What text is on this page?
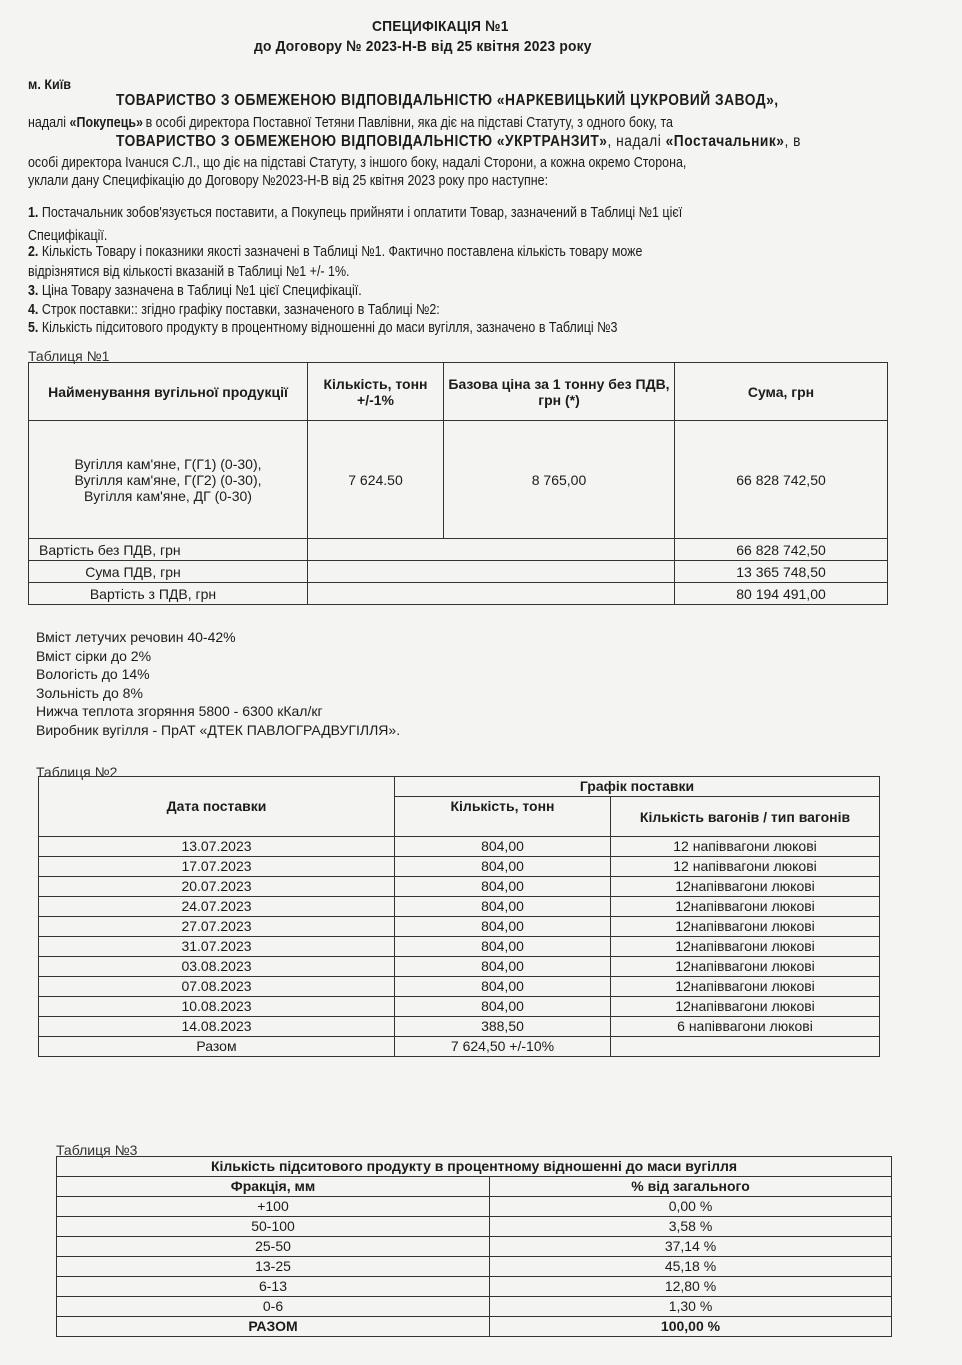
СПЕЦИФІКАЦІЯ №1
до Договору № 2023-Н-В від 25 квітня 2023 року
м. Київ
ТОВАРИСТВО З ОБМЕЖЕНОЮ ВІДПОВІДАЛЬНІСТЮ «НАРКЕВИЦЬКИЙ ЦУКРОВИЙ ЗАВОД»,
надалі «Покупець» в особі директора Поставної Тетяни Павлівни, яка діє на підставі Статуту, з одного боку, та
ТОВАРИСТВО З ОБМЕЖЕНОЮ ВІДПОВІДАЛЬНІСТЮ «УКРТРАНЗИТ», надалі «Постачальник», в
особі директора Ivанuся С.Л., що діє на підставі Статуту, з іншого боку, надалі Сторони, а кожна окремо Сторона,
уклали дану Специфікацію до Договору №2023-Н-В від 25 квітня 2023 року про наступне:
1. Постачальник зобов'язується поставити, а Покупець прийняти і оплатити Товар, зазначений в Таблиці №1 цієї
Специфікації.
2. Кількість Товару і показники якості зазначені в Таблиці №1. Фактично поставлена кількість товару може
відрізнятися від кількості вказаній в Таблиці №1 +/- 1%.
3. Ціна Товару зазначена в Таблиці №1 цієї Специфікації.
4. Строк поставки:: згідно графіку поставки, зазначеного в Таблиці №2:
5. Кількість підситового продукту в процентному відношенні до маси вугілля, зазначено в Таблиці №3
Таблиця №1
Найменування вугільної продукції	Кількість, тонн +/-1%	Базова ціна за 1 тонну без ПДВ, грн (*)	Сума, грн

Вугілля кам'яне, Г(Г1) (0-30),
Вугілля кам'яне, Г(Г2) (0-30),
Вугілля кам'яне, ДГ (0-30)	7 624.50	8 765,00	66 828 742,50
Вартість без ПДВ, грн			66 828 742,50
Сума ПДВ, грн			13 365 748,50
Вартість з ПДВ, грн			80 194 491,00
Вміст летучих речовин 40-42%
Вміст сірки до 2%
Вологість до 14%
Зольність до 8%
Нижча теплота згоряння 5800 - 6300 кКал/кг
Виробник вугілля - ПрАТ «ДТЕК ПАВЛОГРАДВУГІЛЛЯ».
Таблиця №2
	Графік поставки	
Дата поставки	Кількість, тонн	Кількість вагонів / тип вагонів
13.07.2023	804,00	12 напіввагони люкові
17.07.2023	804,00	12 напіввагони люкові
20.07.2023	804,00	12напіввагони люкові
24.07.2023	804,00	12напіввагони люкові
27.07.2023	804,00	12напіввагони люкові
31.07.2023	804,00	12напіввагони люкові
03.08.2023	804,00	12напіввагони люкові
07.08.2023	804,00	12напіввагони люкові
10.08.2023	804,00	12напіввагони люкові
14.08.2023	388,50	6 напіввагони люкові
Разом	7 624,50 +/-10%	
Таблиця №3
Кількість підситового продукту в процентному відношенні до маси вугілля	
Фракція, мм	% від загального
+100	0,00 %
50-100	3,58 %
25-50	37,14 %
13-25	45,18 %
6-13	12,80 %
0-6	1,30 %
РАЗОМ	100,00 %
